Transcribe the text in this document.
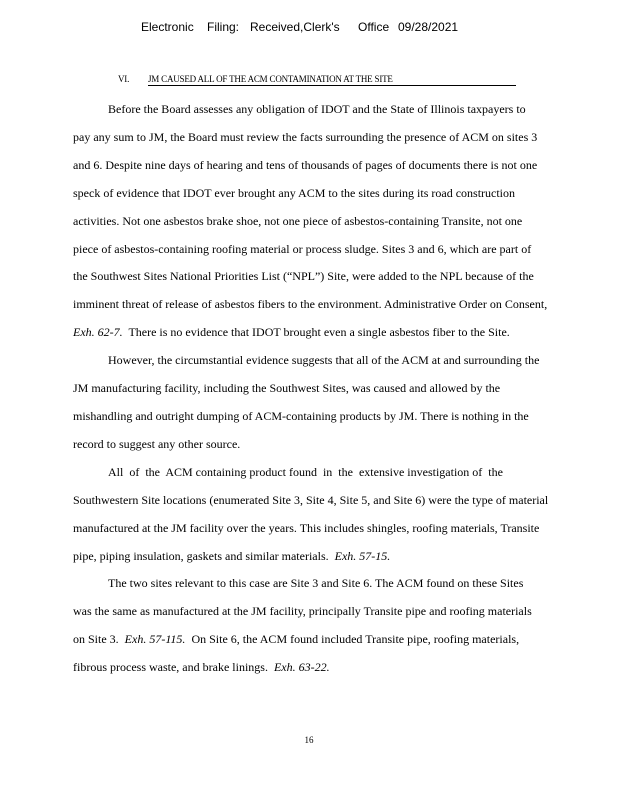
Electronic Filing: Received,Clerk's Office 09/28/2021
VI. JM CAUSED ALL OF THE ACM CONTAMINATION AT THE SITE

Before the Board assesses any obligation of IDOT and the State of Illinois taxpayers to
pay any sum to JM, the Board must review the facts surrounding the presence of ACM on sites 3
and 6. Despite nine days of hearing and tens of thousands of pages of documents there is not one
speck of evidence that IDOT ever brought any ACM to the sites during its road construction
activities. Not one asbestos brake shoe, not one piece of asbestos-containing Transite, not one
piece of asbestos-containing roofing material or process sludge. Sites 3 and 6, which are part of
the Southwest Sites National Priorities List (“NPL”) Site, were added to the NPL because of the
imminent threat of release of asbestos fibers to the environment. Administrative Order on Consent,
Exh. 62-7.  There is no evidence that IDOT brought even a single asbestos fiber to the Site.

However, the circumstantial evidence suggests that all of the ACM at and surrounding the
JM manufacturing facility, including the Southwest Sites, was caused and allowed by the
mishandling and outright dumping of ACM-containing products by JM. There is nothing in the
record to suggest any other source.

All  of  the  ACM containing product found  in  the  extensive investigation of  the
Southwestern Site locations (enumerated Site 3, Site 4, Site 5, and Site 6) were the type of material
manufactured at the JM facility over the years. This includes shingles, roofing materials, Transite
pipe, piping insulation, gaskets and similar materials.  Exh. 57-15.

The two sites relevant to this case are Site 3 and Site 6. The ACM found on these Sites
was the same as manufactured at the JM facility, principally Transite pipe and roofing materials
on Site 3.  Exh. 57-115.  On Site 6, the ACM found included Transite pipe, roofing materials,
fibrous process waste, and brake linings.  Exh. 63-22.

16
